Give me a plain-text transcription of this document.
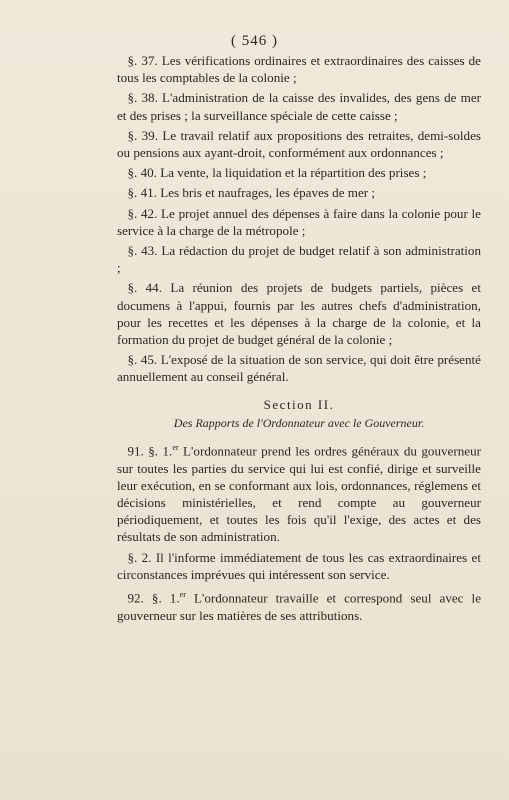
( 546 )

§. 37. Les vérifications ordinaires et extraordinaires des caisses de tous les comptables de la colonie ;

§. 38. L'administration de la caisse des invalides, des gens de mer et des prises ; la surveillance spéciale de cette caisse ;

§. 39. Le travail relatif aux propositions des retraites, demi-soldes ou pensions aux ayant-droit, conformément aux ordonnances ;

§. 40. La vente, la liquidation et la répartition des prises ;

§. 41. Les bris et naufrages, les épaves de mer ;

§. 42. Le projet annuel des dépenses à faire dans la colonie pour le service à la charge de la métropole ;

§. 43. La rédaction du projet de budget relatif à son administration ;

§. 44. La réunion des projets de budgets partiels, pièces et documens à l'appui, fournis par les autres chefs d'administration, pour les recettes et les dépenses à la charge de la colonie, et la formation du projet de budget général de la colonie ;

§. 45. L'exposé de la situation de son service, qui doit être présenté annuellement au conseil général.

Section II.
Des Rapports de l'Ordonnateur avec le Gouverneur.

91. §. 1.$^{er}$ L'ordonnateur prend les ordres généraux du gouverneur sur toutes les parties du service qui lui est confié, dirige et surveille leur exécution, en se conformant aux lois, ordonnances, réglemens et décisions ministérielles, et rend compte au gouverneur périodiquement, et toutes les fois qu'il l'exige, des actes et des résultats de son administration.

§. 2. Il l'informe immédiatement de tous les cas extraordinaires et circonstances imprévues qui intéressent son service.

92. §. 1.$^{er}$ L'ordonnateur travaille et correspond seul avec le gouverneur sur les matières de ses attributions.
